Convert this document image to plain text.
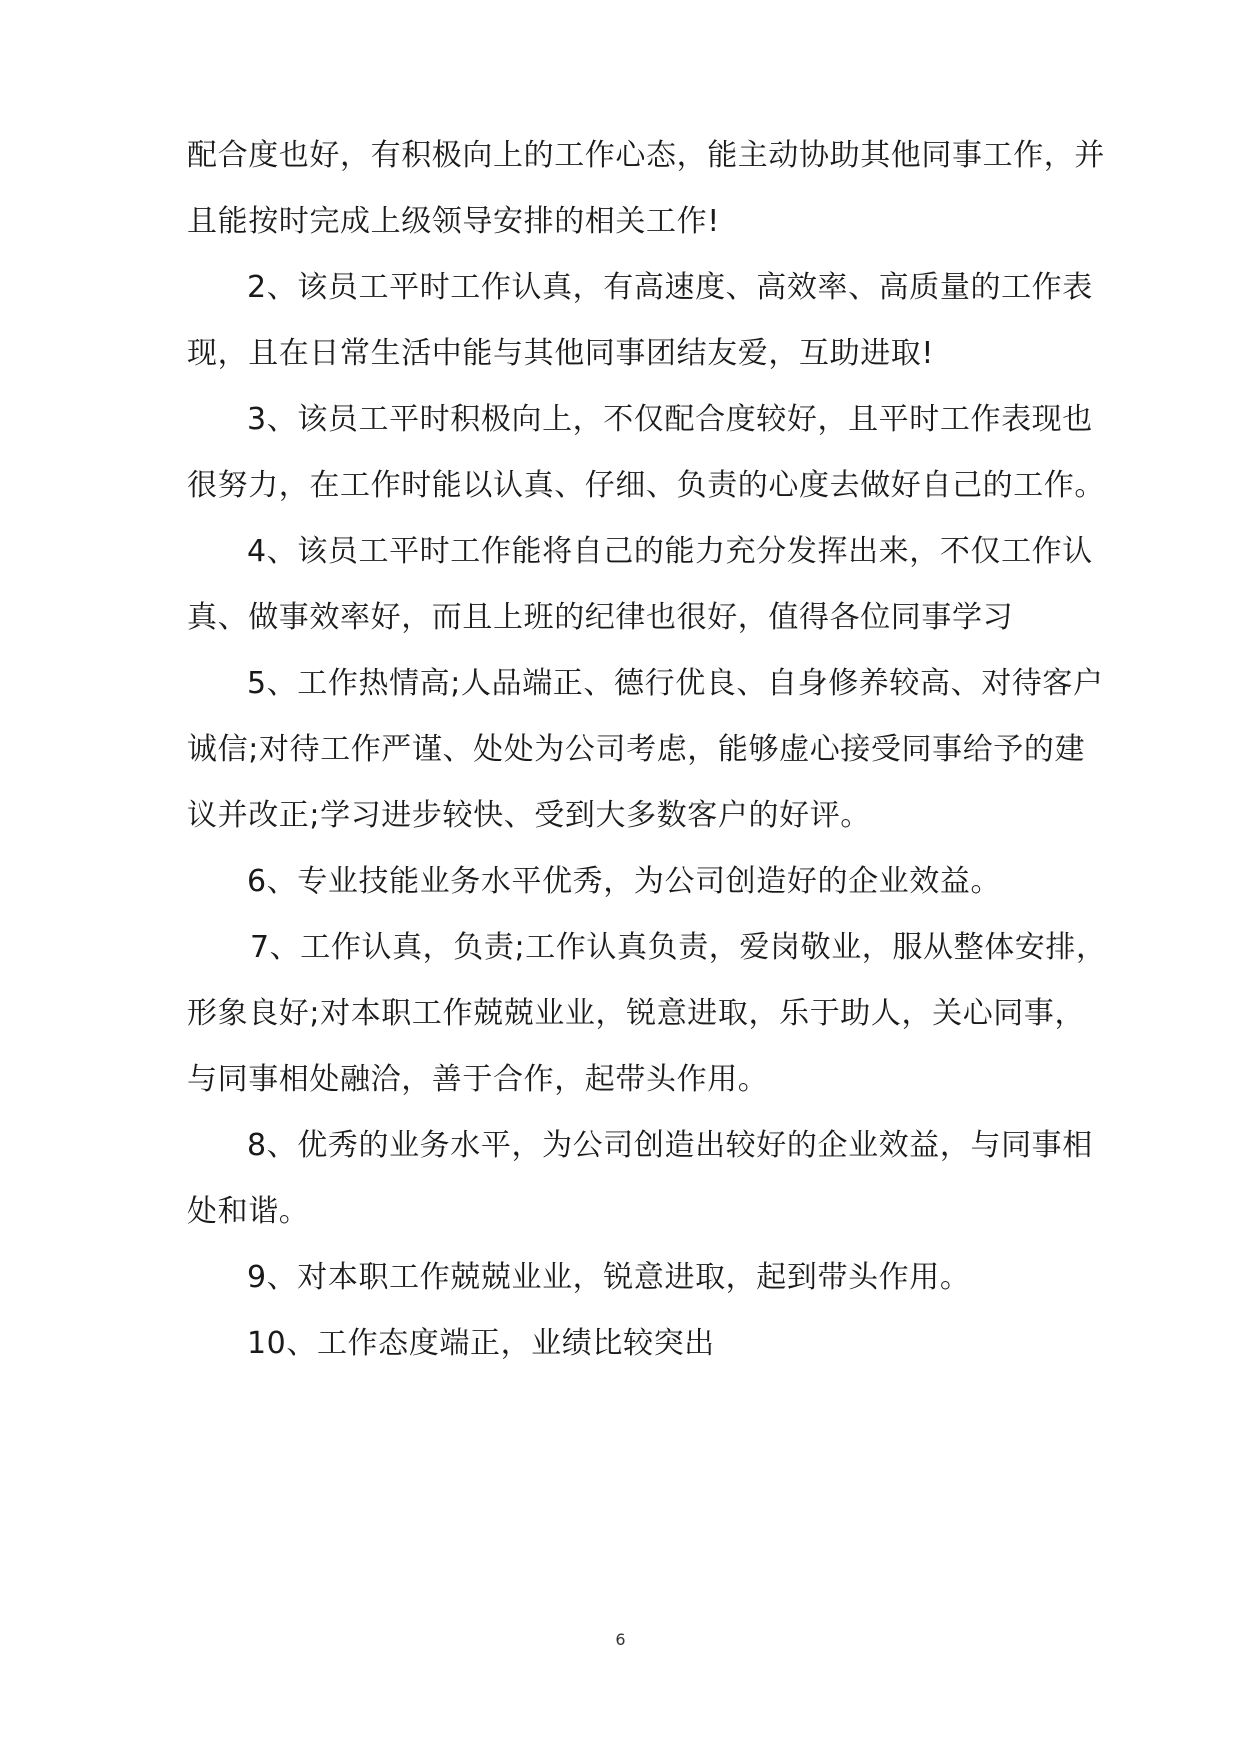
配合度也好，有积极向上的工作心态，能主动协助其他同事工作，并
且能按时完成上级领导安排的相关工作!
2、该员工平时工作认真，有高速度、高效率、高质量的工作表
现，且在日常生活中能与其他同事团结友爱，互助进取!
3、该员工平时积极向上，不仅配合度较好，且平时工作表现也
很努力，在工作时能以认真、仔细、负责的心度去做好自己的工作。
4、该员工平时工作能将自己的能力充分发挥出来，不仅工作认
真、做事效率好，而且上班的纪律也很好，值得各位同事学习
5、工作热情高;人品端正、德行优良、自身修养较高、对待客户
诚信;对待工作严谨、处处为公司考虑，能够虚心接受同事给予的建
议并改正;学习进步较快、受到大多数客户的好评。
6、专业技能业务水平优秀，为公司创造好的企业效益。
7、工作认真，负责;工作认真负责，爱岗敬业，服从整体安排，
形象良好;对本职工作兢兢业业，锐意进取，乐于助人，关心同事，
与同事相处融洽，善于合作，起带头作用。
8、优秀的业务水平，为公司创造出较好的企业效益，与同事相
处和谐。
9、对本职工作兢兢业业，锐意进取，起到带头作用。
10、工作态度端正，业绩比较突出
6
